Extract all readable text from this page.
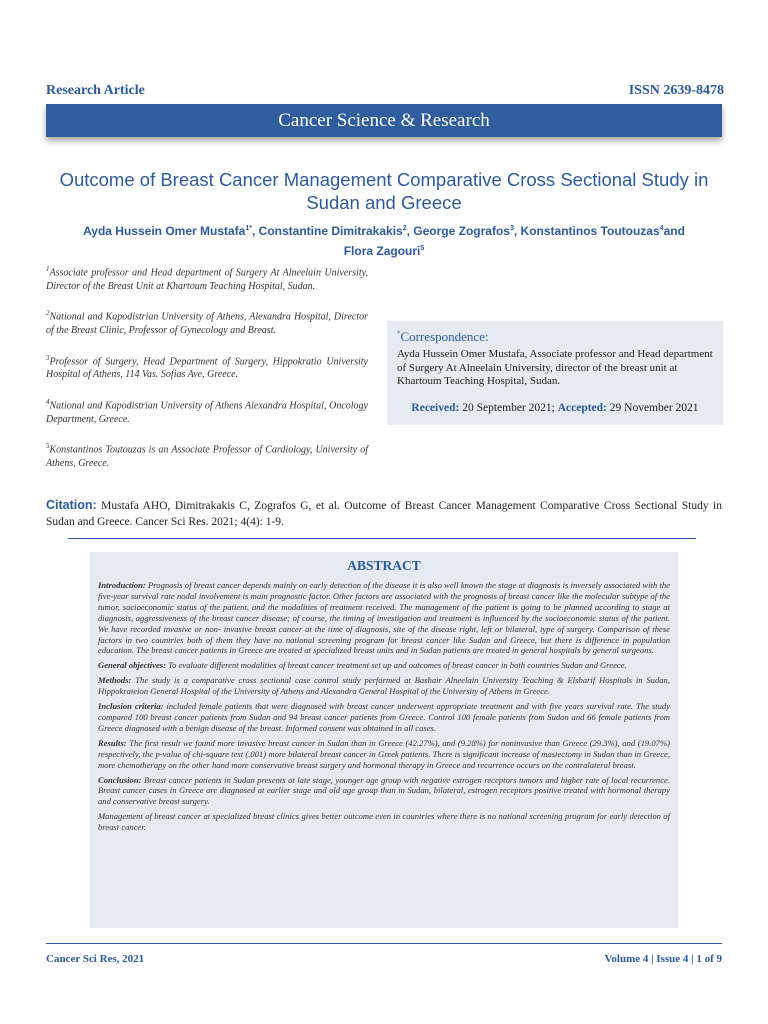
Research Article	ISSN 2639-8478
Cancer Science & Research
Outcome of Breast Cancer Management Comparative Cross Sectional Study in Sudan and Greece
Ayda Hussein Omer Mustafa$^{1*}$, Constantine Dimitrakakis$^2$, George Zografos$^3$, Konstantinos Toutouzas$^4$and
Flora Zagouri$^5$
$^1$Associate professor and Head department of Surgery At Alneelain University, Director of the Breast Unit at Khartoum Teaching Hospital, Sudan.
$^2$National and Kapodistrian University of Athens, Alexandra Hospital, Director of the Breast Clinic, Professor of Gynecology and Breast.
$^3$Professor of Surgery, Head Department of Surgery, Hippokratio University Hospital of Athens, 114 Vas. Sofias Ave, Greece.
$^4$National and Kapodistrian University of Athens Alexandra Hospital, Oncology Department, Greece.
$^5$Konstantinos Toutouzas is an Associate Professor of Cardiology, University of Athens, Greece.
*Correspondence:
Ayda Hussein Omer Mustafa, Associate professor and Head department of Surgery At Alneelain University, director of the breast unit at Khartoum Teaching Hospital, Sudan.
Received: 20 September 2021; Accepted: 29 November 2021
Citation: Mustafa AHO, Dimitrakakis C, Zografos G, et al. Outcome of Breast Cancer Management Comparative Cross Sectional Study in Sudan and Greece. Cancer Sci Res. 2021; 4(4): 1-9.
ABSTRACT

Introduction: Prognosis of breast cancer depends mainly on early detection of the disease it is also well known the stage at diagnosis is inversely associated with the five-year survival rate nodal involvement is main prognostic factor. Other factors are associated with the prognosis of breast cancer like the molecular subtype of the tumor, socioeconomic status of the patient, and the modalities of treatment received. The management of the patient is going to be planned according to stage at diagnosis, aggressiveness of the breast cancer disease; of course, the timing of investigation and treatment is influenced by the socioeconomic status of the patient. We have recorded invasive or non- invasive breast cancer at the time of diagnosis, site of the disease right, left or bilateral, type of surgery. Comparison of these factors in two countries both of them they have no national screening program for breast cancer like Sudan and Greece, but there is difference in population education. The breast cancer patients in Greece are treated at specialized breast units and in Sudan patients are treated in general hospitals by general surgeons.

General objectives: To evaluate different modalities of breast cancer treatment set up and outcomes of breast cancer in both countries Sudan and Greece.

Methods: The study is a comparative cross sectional case control study performed at Bashair Alneelain University Teaching & Elsharif Hospitals in Sudan, Hippokrateion General Hospital of the University of Athens and Alexandra General Hospital of the University of Athens in Greece.

Inclusion criteria: included female patients that were diagnosed with breast cancer underwent appropriate treatment and with five years survival rate. The study compared 100 breast cancer patients from Sudan and 94 breast cancer patients from Greece. Control 100 female patients from Sudan and 66 female patients from Greece diagnosed with a benign disease of the breast. Informed consent was obtained in all cases.

Results: The first result we found more invasive breast cancer in Sudan than in Greece (42.27%), and (9.28%) for noninvasive than Greece (29.3%), and (19.07%) respectively, the p-value of chi-square test (.001) more bilateral breast cancer in Greek patients. There is significant increase of mastectomy in Sudan than in Greece, more chemotherapy on the other hand more conservative breast surgery and hormonal therapy in Greece and recurrence occurs on the contralateral breast.

Conclusion: Breast cancer patients in Sudan presents at late stage, younger age group with negative estrogen receptors tumors and higher rate of local recurrence. Breast cancer cases in Greece are diagnosed at earlier stage and old age group than in Sudan, bilateral, estrogen receptors positive treated with hormonal therapy and conservative breast surgery.

Management of breast cancer at specialized breast clinics gives better outcome even in countries where there is no national screening program for early detection of breast cancer.

Cancer Sci Res, 2021	Volume 4 | Issue 4 | 1 of 9
